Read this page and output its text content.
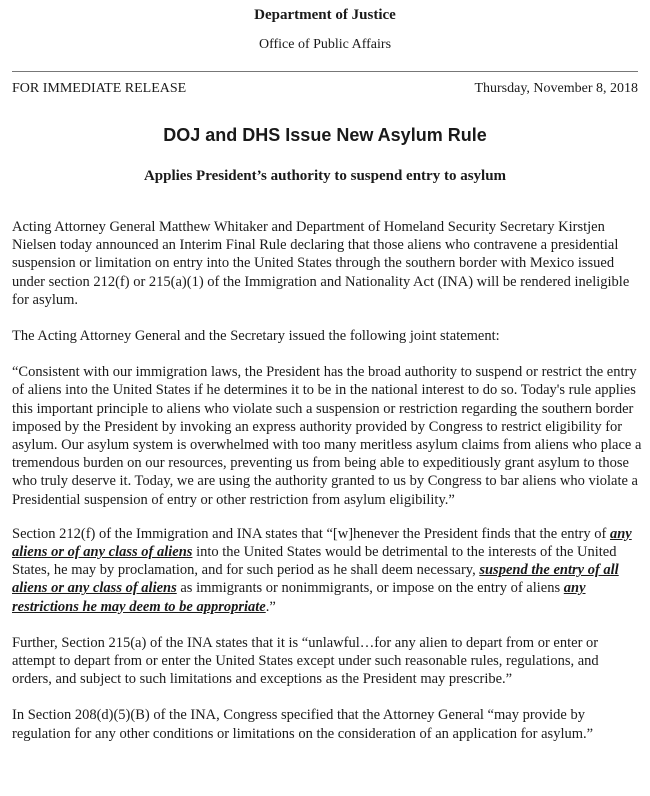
Department of Justice
Office of Public Affairs
FOR IMMEDIATE RELEASE	Thursday, November 8, 2018
DOJ and DHS Issue New Asylum Rule
Applies President’s authority to suspend entry to asylum

Acting Attorney General Matthew Whitaker and Department of Homeland Security Secretary Kirstjen Nielsen today announced an Interim Final Rule declaring that those aliens who contravene a presidential suspension or limitation on entry into the United States through the southern border with Mexico issued under section 212(f) or 215(a)(1) of the Immigration and Nationality Act (INA) will be rendered ineligible for asylum.

The Acting Attorney General and the Secretary issued the following joint statement:

“Consistent with our immigration laws, the President has the broad authority to suspend or restrict the entry of aliens into the United States if he determines it to be in the national interest to do so. Today's rule applies this important principle to aliens who violate such a suspension or restriction regarding the southern border imposed by the President by invoking an express authority provided by Congress to restrict eligibility for asylum. Our asylum system is overwhelmed with too many meritless asylum claims from aliens who place a tremendous burden on our resources, preventing us from being able to expeditiously grant asylum to those who truly deserve it. Today, we are using the authority granted to us by Congress to bar aliens who violate a Presidential suspension of entry or other restriction from asylum eligibility.”

Section 212(f) of the Immigration and INA states that “[w]henever the President finds that the entry of any aliens or of any class of aliens into the United States would be detrimental to the interests of the United States, he may by proclamation, and for such period as he shall deem necessary, suspend the entry of all aliens or any class of aliens as immigrants or nonimmigrants, or impose on the entry of aliens any restrictions he may deem to be appropriate.”

Further, Section 215(a) of the INA states that it is “unlawful…for any alien to depart from or enter or attempt to depart from or enter the United States except under such reasonable rules, regulations, and orders, and subject to such limitations and exceptions as the President may prescribe.”

In Section 208(d)(5)(B) of the INA, Congress specified that the Attorney General “may provide by regulation for any other conditions or limitations on the consideration of an application for asylum.”
